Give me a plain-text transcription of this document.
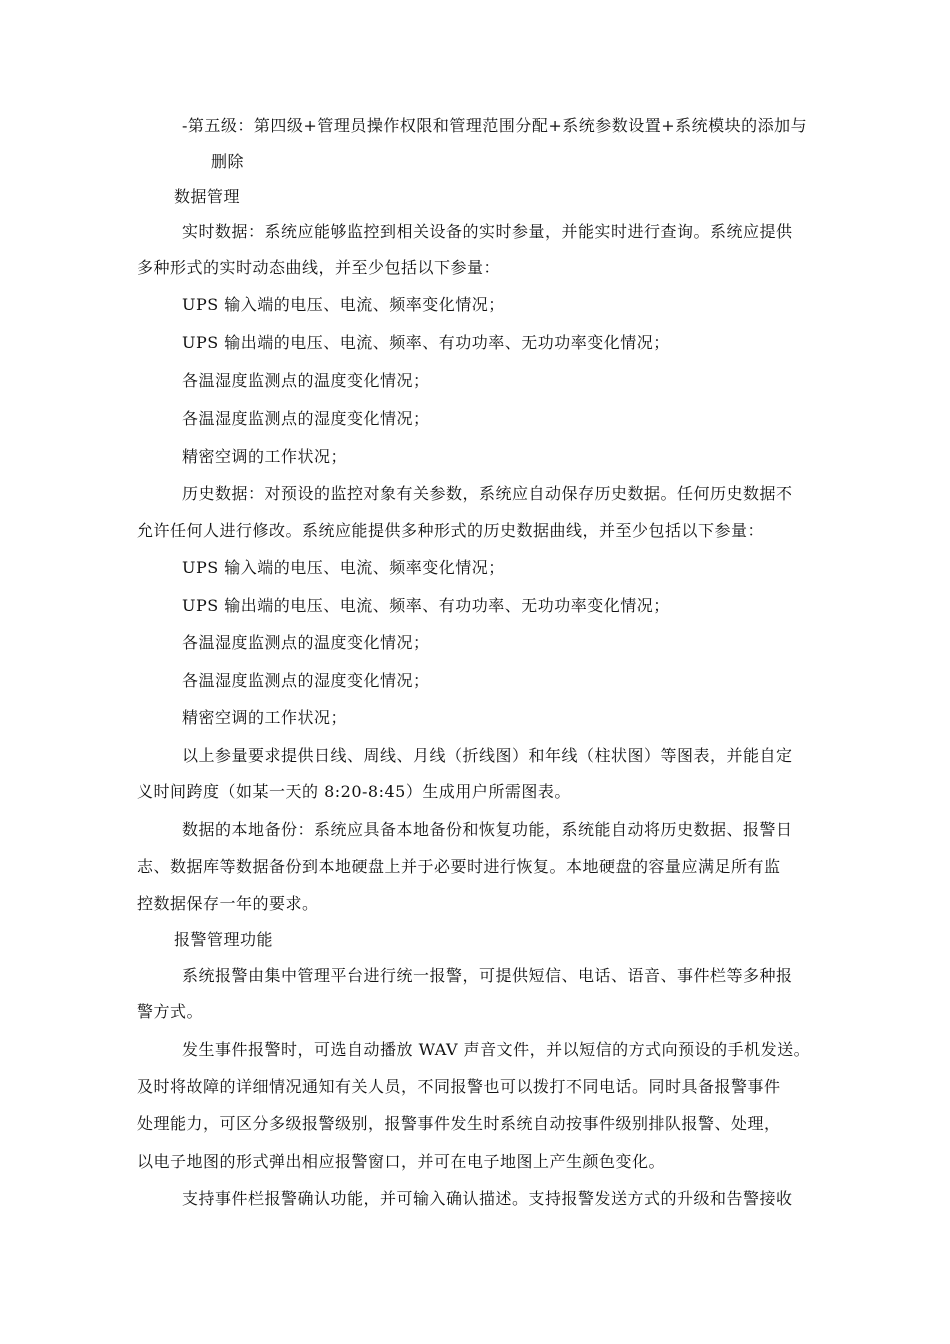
-第五级：第四级+管理员操作权限和管理范围分配+系统参数设置+系统模块的添加与
删除
数据管理
实时数据：系统应能够监控到相关设备的实时参量，并能实时进行查询。系统应提供
多种形式的实时动态曲线，并至少包括以下参量：
UPS 输入端的电压、电流、频率变化情况；
UPS 输出端的电压、电流、频率、有功功率、无功功率变化情况；
各温湿度监测点的温度变化情况；
各温湿度监测点的湿度变化情况；
精密空调的工作状况；
历史数据：对预设的监控对象有关参数，系统应自动保存历史数据。任何历史数据不
允许任何人进行修改。系统应能提供多种形式的历史数据曲线，并至少包括以下参量：
UPS 输入端的电压、电流、频率变化情况；
UPS 输出端的电压、电流、频率、有功功率、无功功率变化情况；
各温湿度监测点的温度变化情况；
各温湿度监测点的湿度变化情况；
精密空调的工作状况；
以上参量要求提供日线、周线、月线（折线图）和年线（柱状图）等图表，并能自定
义时间跨度（如某一天的 8:20-8:45）生成用户所需图表。
数据的本地备份：系统应具备本地备份和恢复功能，系统能自动将历史数据、报警日
志、数据库等数据备份到本地硬盘上并于必要时进行恢复。本地硬盘的容量应满足所有监
控数据保存一年的要求。
报警管理功能
系统报警由集中管理平台进行统一报警，可提供短信、电话、语音、事件栏等多种报
警方式。
发生事件报警时，可选自动播放 WAV 声音文件，并以短信的方式向预设的手机发送。
及时将故障的详细情况通知有关人员，不同报警也可以拨打不同电话。同时具备报警事件
处理能力，可区分多级报警级别，报警事件发生时系统自动按事件级别排队报警、处理，
以电子地图的形式弹出相应报警窗口，并可在电子地图上产生颜色变化。
支持事件栏报警确认功能，并可输入确认描述。支持报警发送方式的升级和告警接收
